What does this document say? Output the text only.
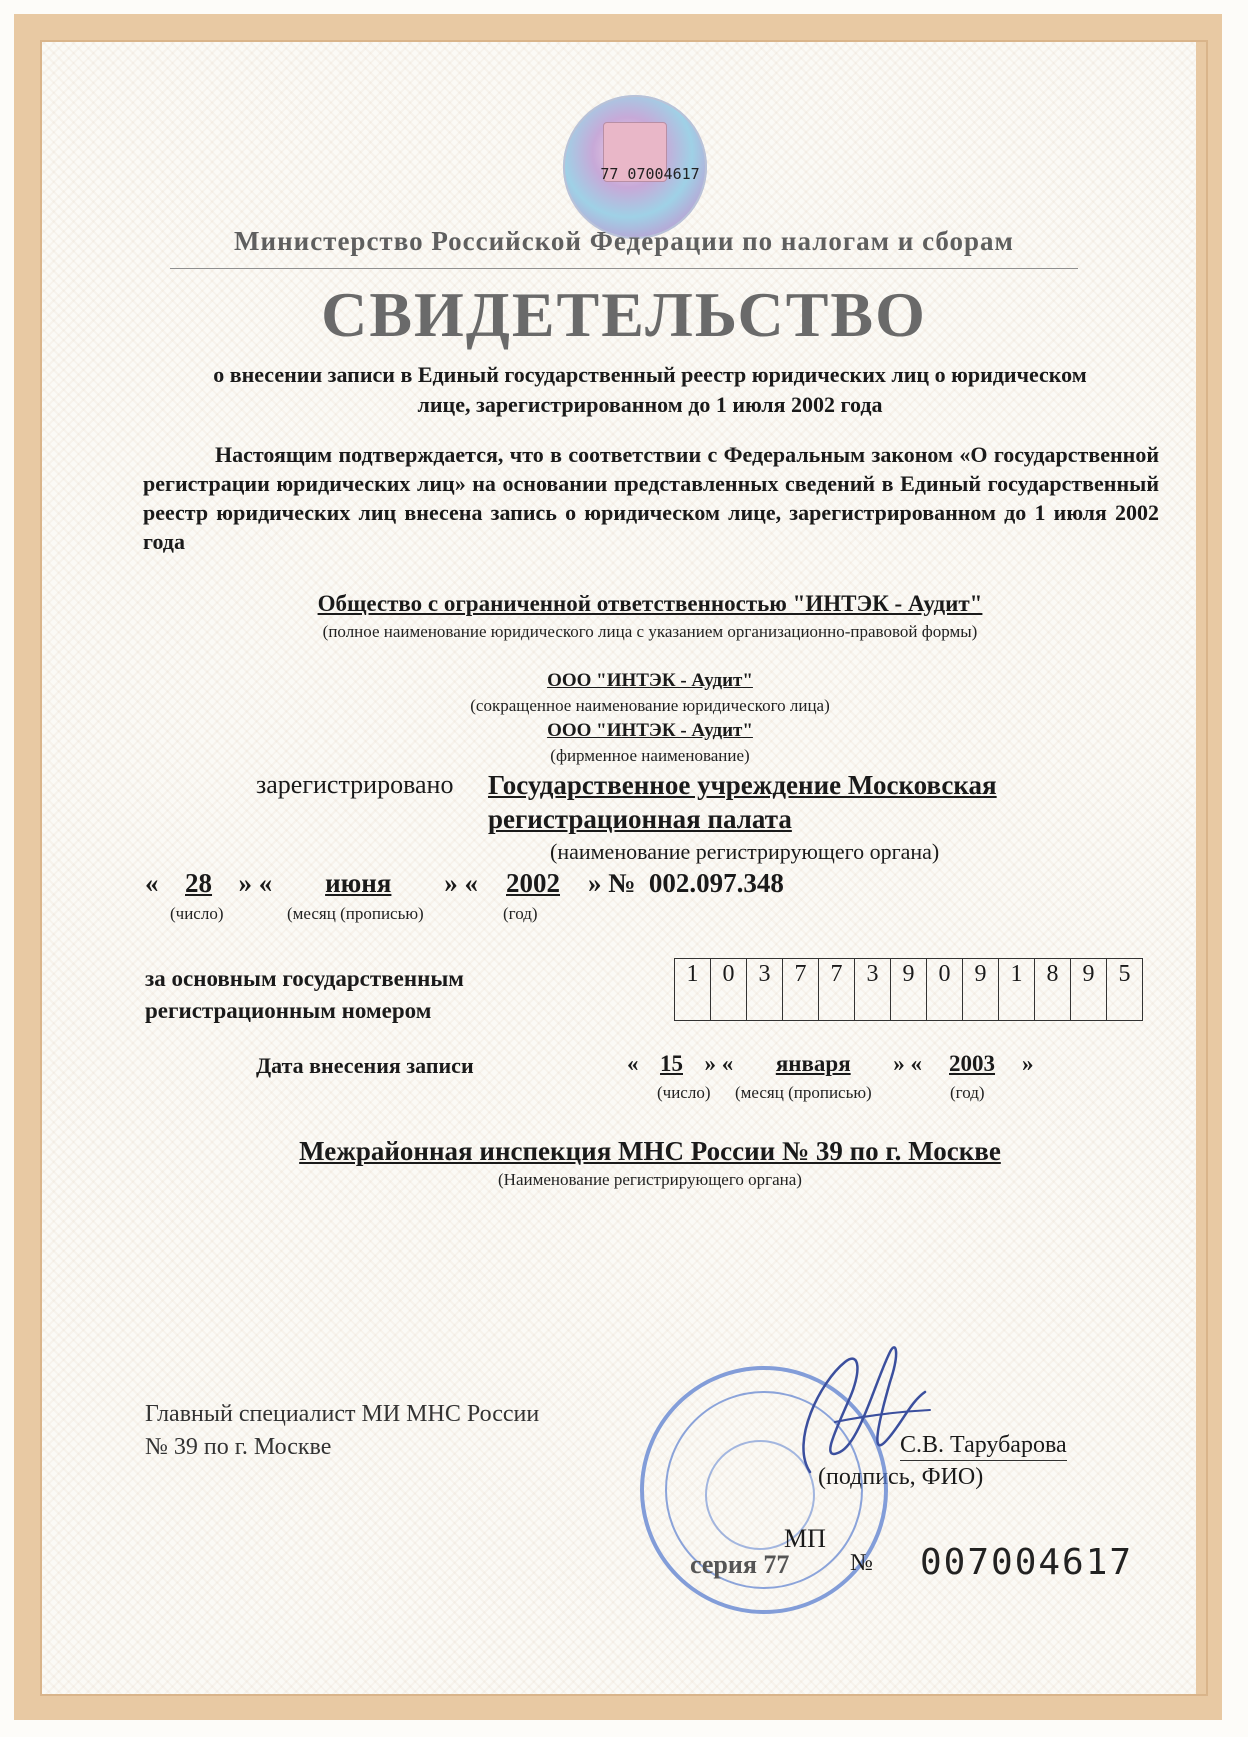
77 07004617
Министерство Российской Федерации по налогам и сборам
СВИДЕТЕЛЬСТВО
о внесении записи в Единый государственный реестр юридических лиц о юридическом
лице, зарегистрированном до 1 июля 2002 года
Настоящим подтверждается, что в соответствии с Федеральным законом «О государственной регистрации юридических лиц» на основании представленных сведений в Единый государственный реестр юридических лиц внесена запись о юридическом лице, зарегистрированном до 1 июля 2002 года
Общество с ограниченной ответственностью "ИНТЭК - Аудит"
(полное наименование юридического лица с указанием организационно-правовой формы)
ООО "ИНТЭК - Аудит"
(сокращенное наименование юридического лица)
ООО "ИНТЭК - Аудит"
(фирменное наименование)
зарегистрировано Государственное учреждение Московская
регистрационная палата
(наименование регистрирующего органа)
« 28 » « июня » « 2002 » № 002.097.348
(число)	(месяц (прописью)	(год)
за основным государственным
регистрационным номером
1	0	3	7	7	3	9	0	9	1	8	9	5
Дата внесения записи	« 15 » « января » « 2003 »
(число) (месяц (прописью)	(год)
Межрайонная инспекция МНС России № 39 по г. Москве
(Наименование регистрирующего органа)
Главный специалист МИ МНС России
№ 39 по г. Москве	С.В. Тарубарова
(подпись, ФИО)
МП
серия 77	№ 007004617
